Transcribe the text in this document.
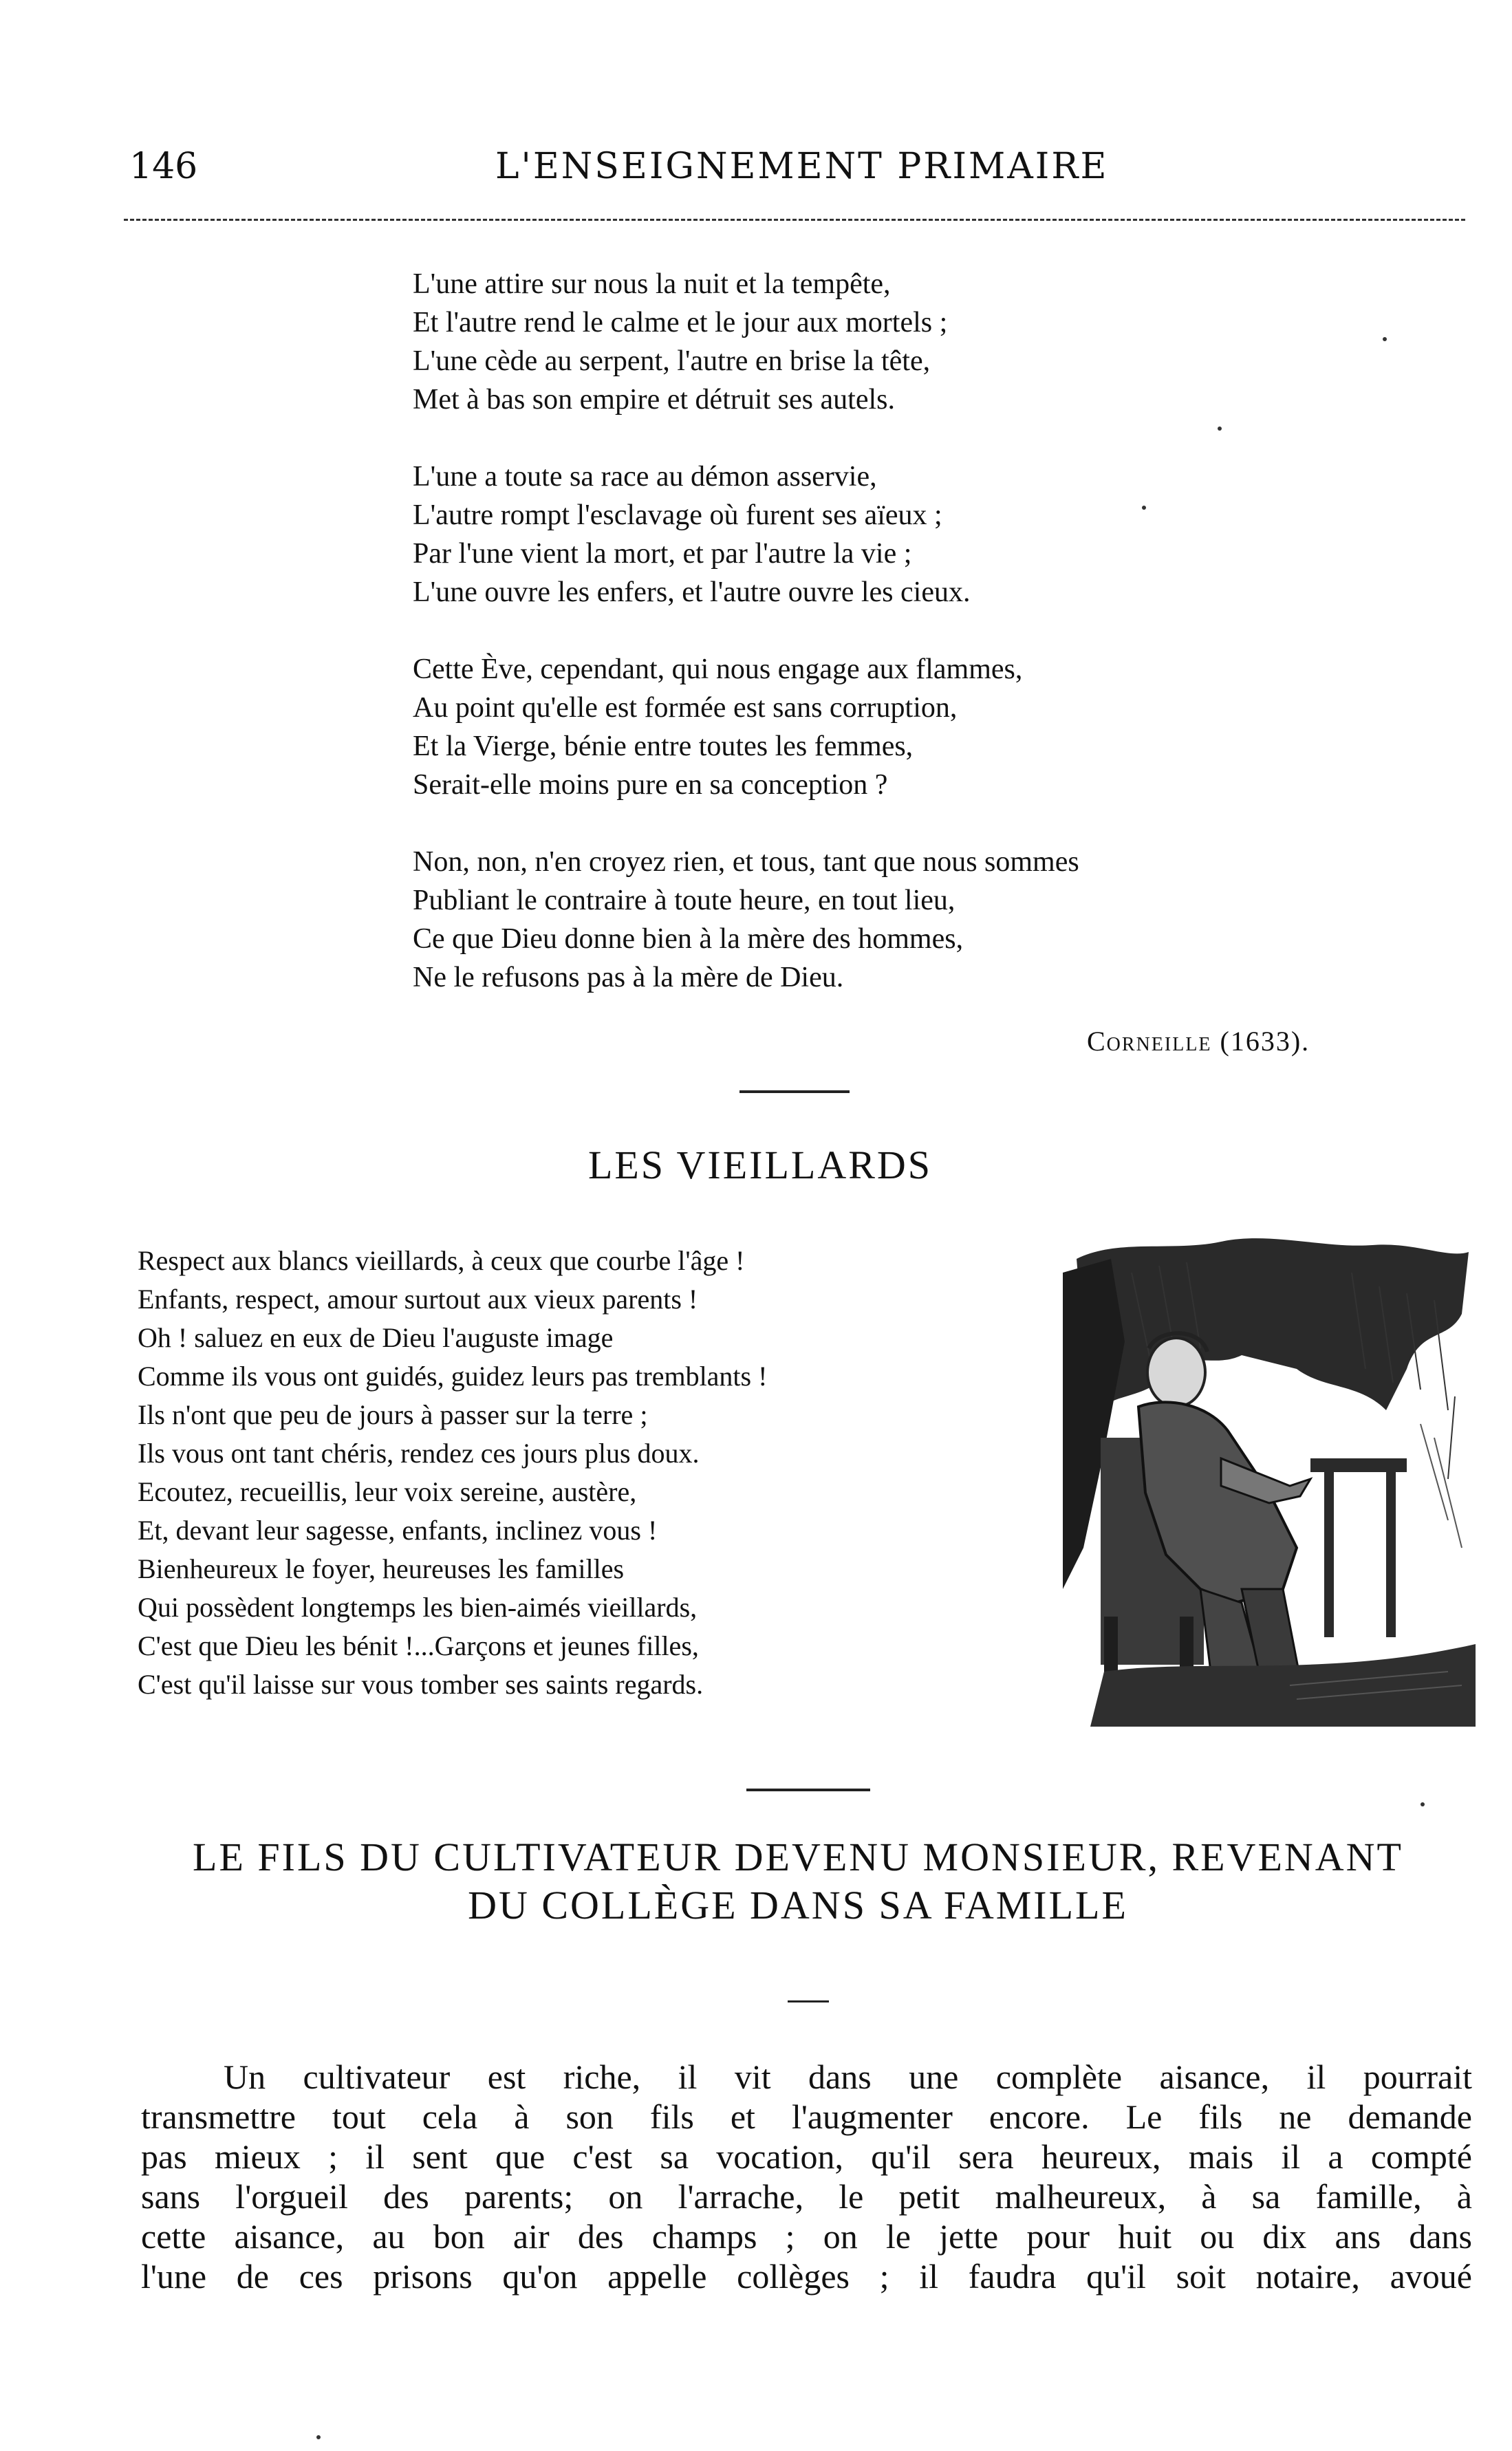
146	L'ENSEIGNEMENT PRIMAIRE
L'une attire sur nous la nuit et la tempête,
Et l'autre rend le calme et le jour aux mortels ;
L'une cède au serpent, l'autre en brise la tête,
Met à bas son empire et détruit ses autels.
L'une a toute sa race au démon asservie,
L'autre rompt l'esclavage où furent ses aïeux ;
Par l'une vient la mort, et par l'autre la vie ;
L'une ouvre les enfers, et l'autre ouvre les cieux.
Cette Ève, cependant, qui nous engage aux flammes,
Au point qu'elle est formée est sans corruption,
Et la Vierge, bénie entre toutes les femmes,
Serait-elle moins pure en sa conception ?
Non, non, n'en croyez rien, et tous, tant que nous sommes
Publiant le contraire à toute heure, en tout lieu,
Ce que Dieu donne bien à la mère des hommes,
Ne le refusons pas à la mère de Dieu.
Corneille (1633).
LES VIEILLARDS
Respect aux blancs vieillards, à ceux que courbe l'âge !
Enfants, respect, amour surtout aux vieux parents !
Oh ! saluez en eux de Dieu l'auguste image
Comme ils vous ont guidés, guidez leurs pas tremblants !
Ils n'ont que peu de jours à passer sur la terre ;
Ils vous ont tant chéris, rendez ces jours plus doux.
Ecoutez, recueillis, leur voix sereine, austère,
Et, devant leur sagesse, enfants, inclinez vous !
Bienheureux le foyer, heureuses les familles
Qui possèdent longtemps les bien-aimés vieillards,
C'est que Dieu les bénit !...Garçons et jeunes filles,
C'est qu'il laisse sur vous tomber ses saints regards.
LE FILS DU CULTIVATEUR DEVENU MONSIEUR, REVENANT
DU COLLÈGE DANS SA FAMILLE
Un cultivateur est riche, il vit dans une complète aisance, il pourrait
transmettre tout cela à son fils et l'augmenter encore. Le fils ne demande
pas mieux ; il sent que c'est sa vocation, qu'il sera heureux, mais il a compté
sans l'orgueil des parents; on l'arrache, le petit malheureux, à sa famille, à
cette aisance, au bon air des champs ; on le jette pour huit ou dix ans dans
l'une de ces prisons qu'on appelle collèges ; il faudra qu'il soit notaire, avoué
